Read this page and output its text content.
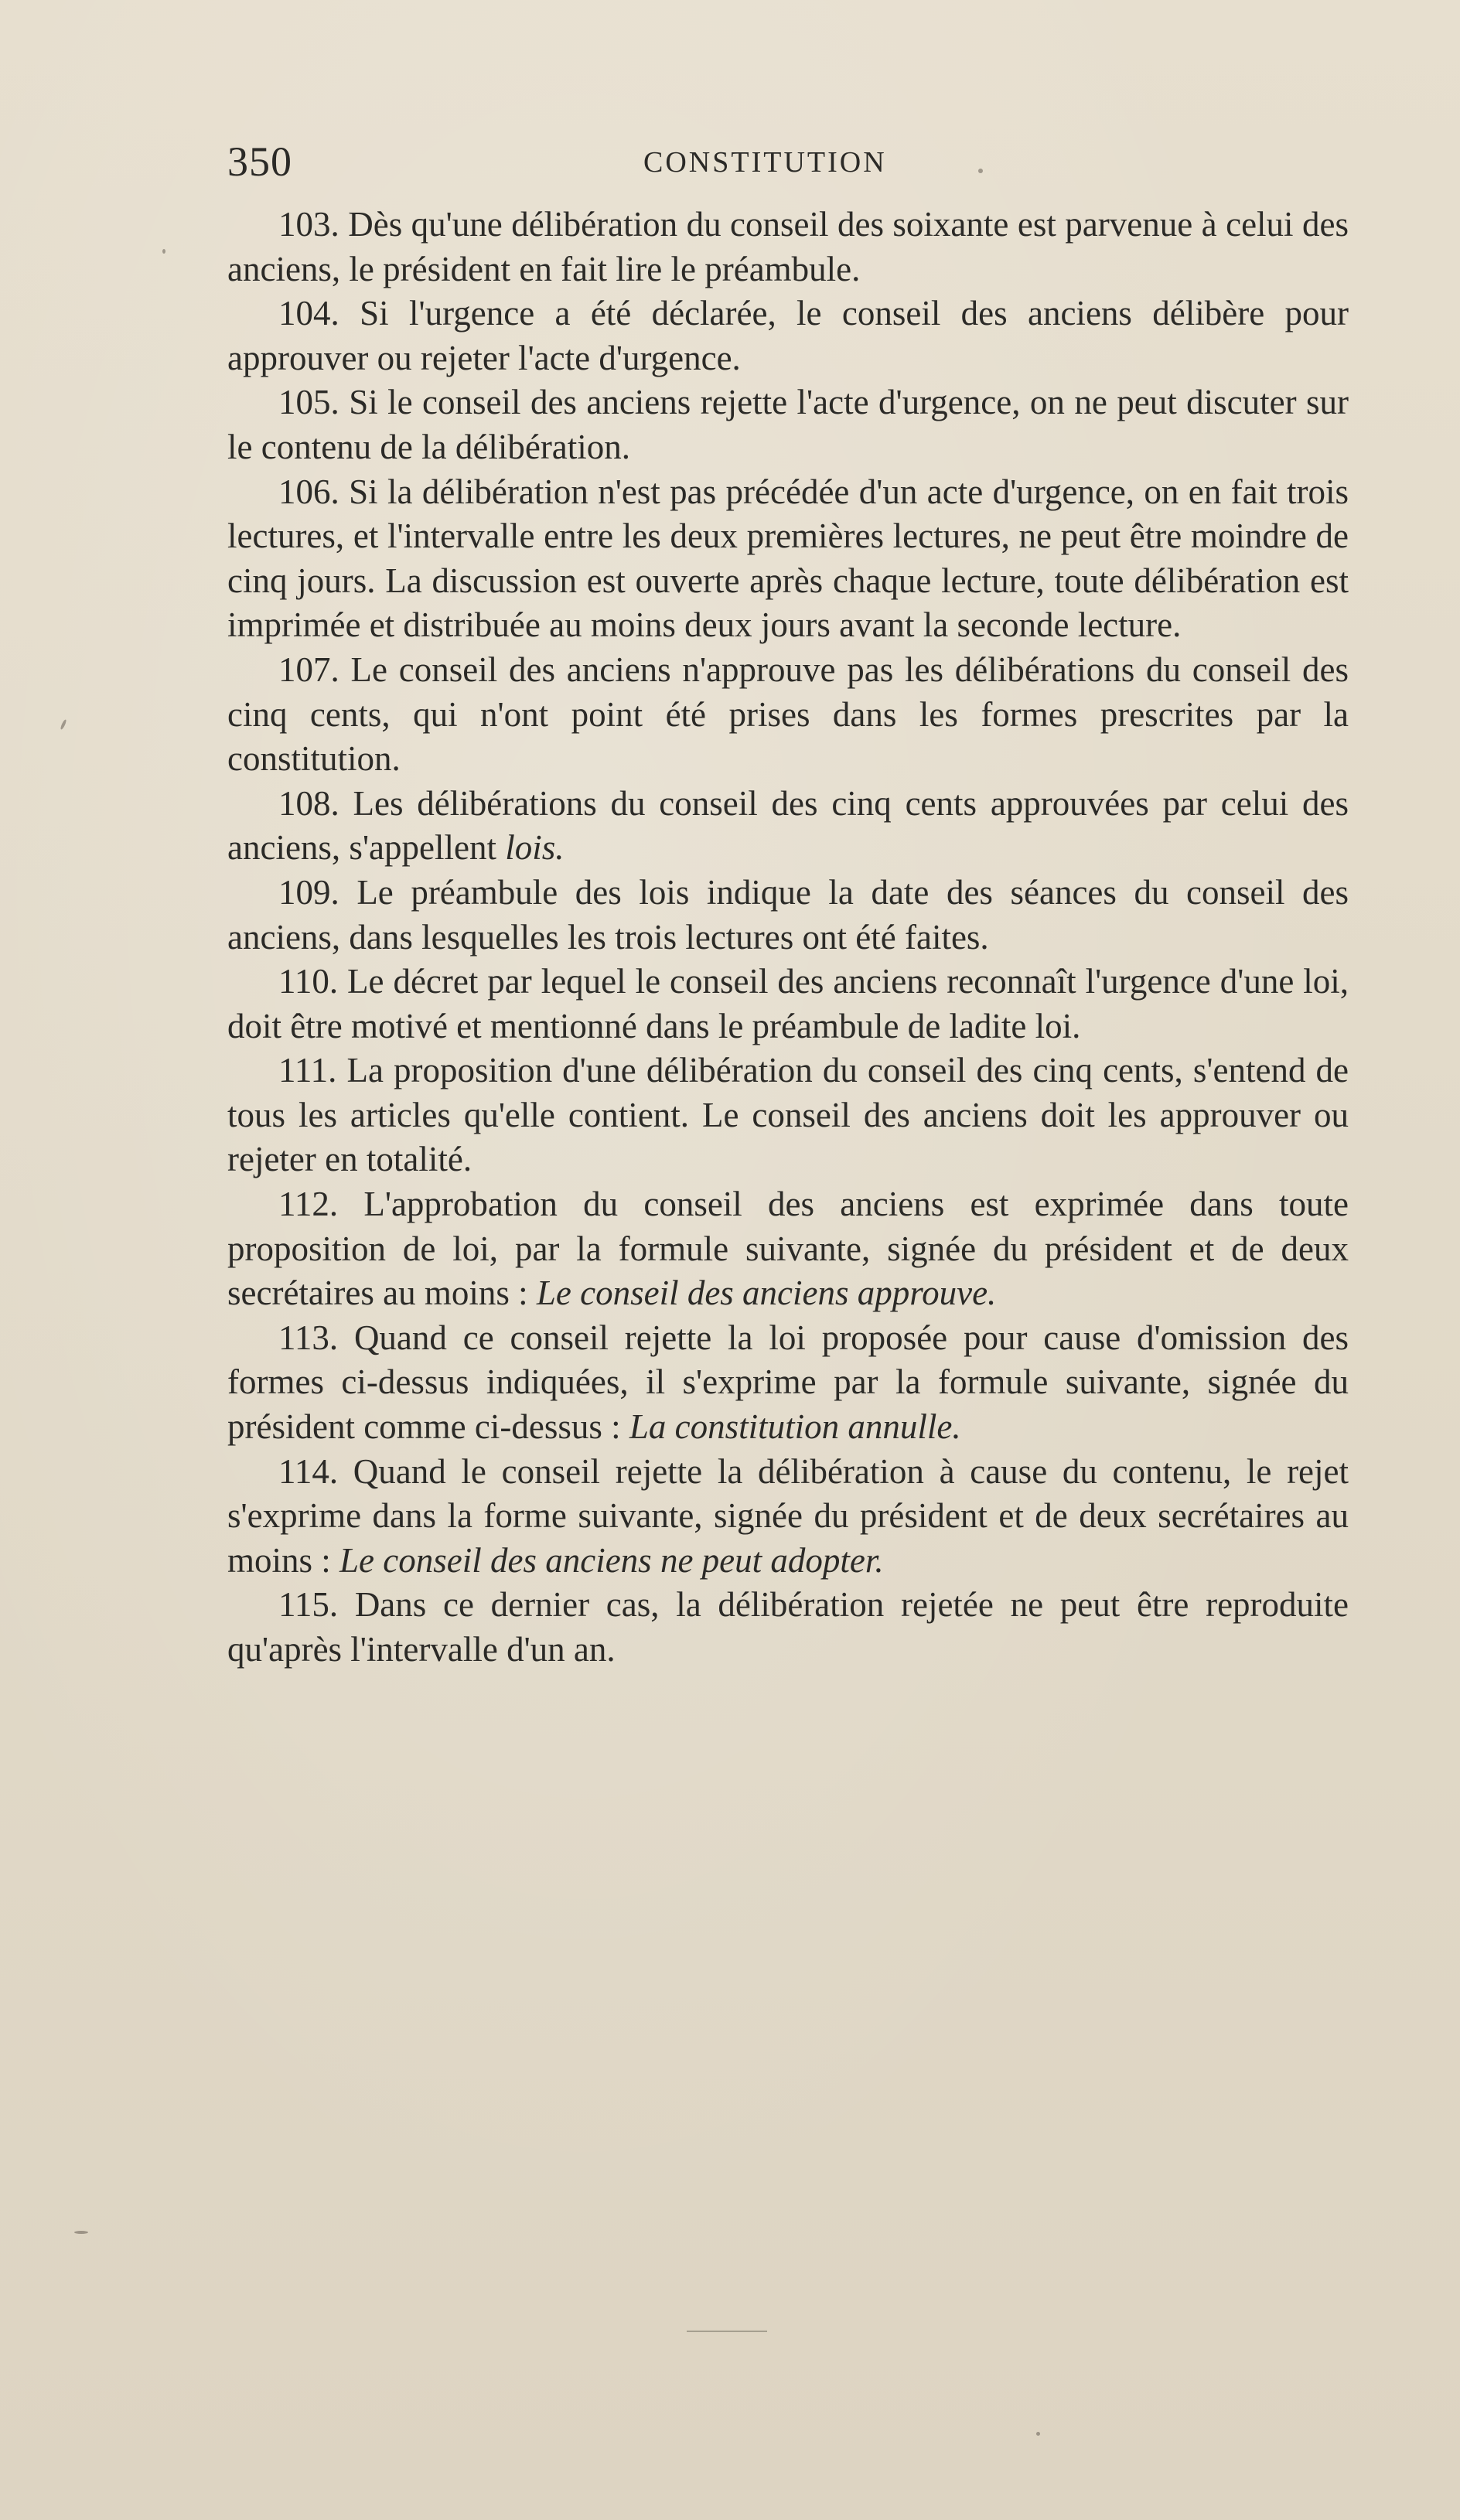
350	CONSTITUTION

103. Dès qu'une délibération du conseil des soixante est parvenue à celui des anciens, le président en fait lire le préambule.

104. Si l'urgence a été déclarée, le conseil des anciens délibère pour approuver ou rejeter l'acte d'urgence.

105. Si le conseil des anciens rejette l'acte d'urgence, on ne peut discuter sur le contenu de la délibération.

106. Si la délibération n'est pas précédée d'un acte d'urgence, on en fait trois lectures, et l'intervalle entre les deux premières lectures, ne peut être moindre de cinq jours. La discussion est ouverte après chaque lecture, toute délibération est imprimée et distribuée au moins deux jours avant la seconde lecture.

107. Le conseil des anciens n'approuve pas les délibérations du conseil des cinq cents, qui n'ont point été prises dans les formes prescrites par la constitution.

108. Les délibérations du conseil des cinq cents approuvées par celui des anciens, s'appellent lois.

109. Le préambule des lois indique la date des séances du conseil des anciens, dans lesquelles les trois lectures ont été faites.

110. Le décret par lequel le conseil des anciens reconnaît l'urgence d'une loi, doit être motivé et mentionné dans le préambule de ladite loi.

111. La proposition d'une délibération du conseil des cinq cents, s'entend de tous les articles qu'elle contient. Le conseil des anciens doit les approuver ou rejeter en totalité.

112. L'approbation du conseil des anciens est exprimée dans toute proposition de loi, par la formule suivante, signée du président et de deux secrétaires au moins : Le conseil des anciens approuve.

113. Quand ce conseil rejette la loi proposée pour cause d'omission des formes ci-dessus indiquées, il s'exprime par la formule suivante, signée du président comme ci-dessus : La constitution annulle.

114. Quand le conseil rejette la délibération à cause du contenu, le rejet s'exprime dans la forme suivante, signée du président et de deux secrétaires au moins : Le conseil des anciens ne peut adopter.

115. Dans ce dernier cas, la délibération rejetée ne peut être reproduite qu'après l'intervalle d'un an.
